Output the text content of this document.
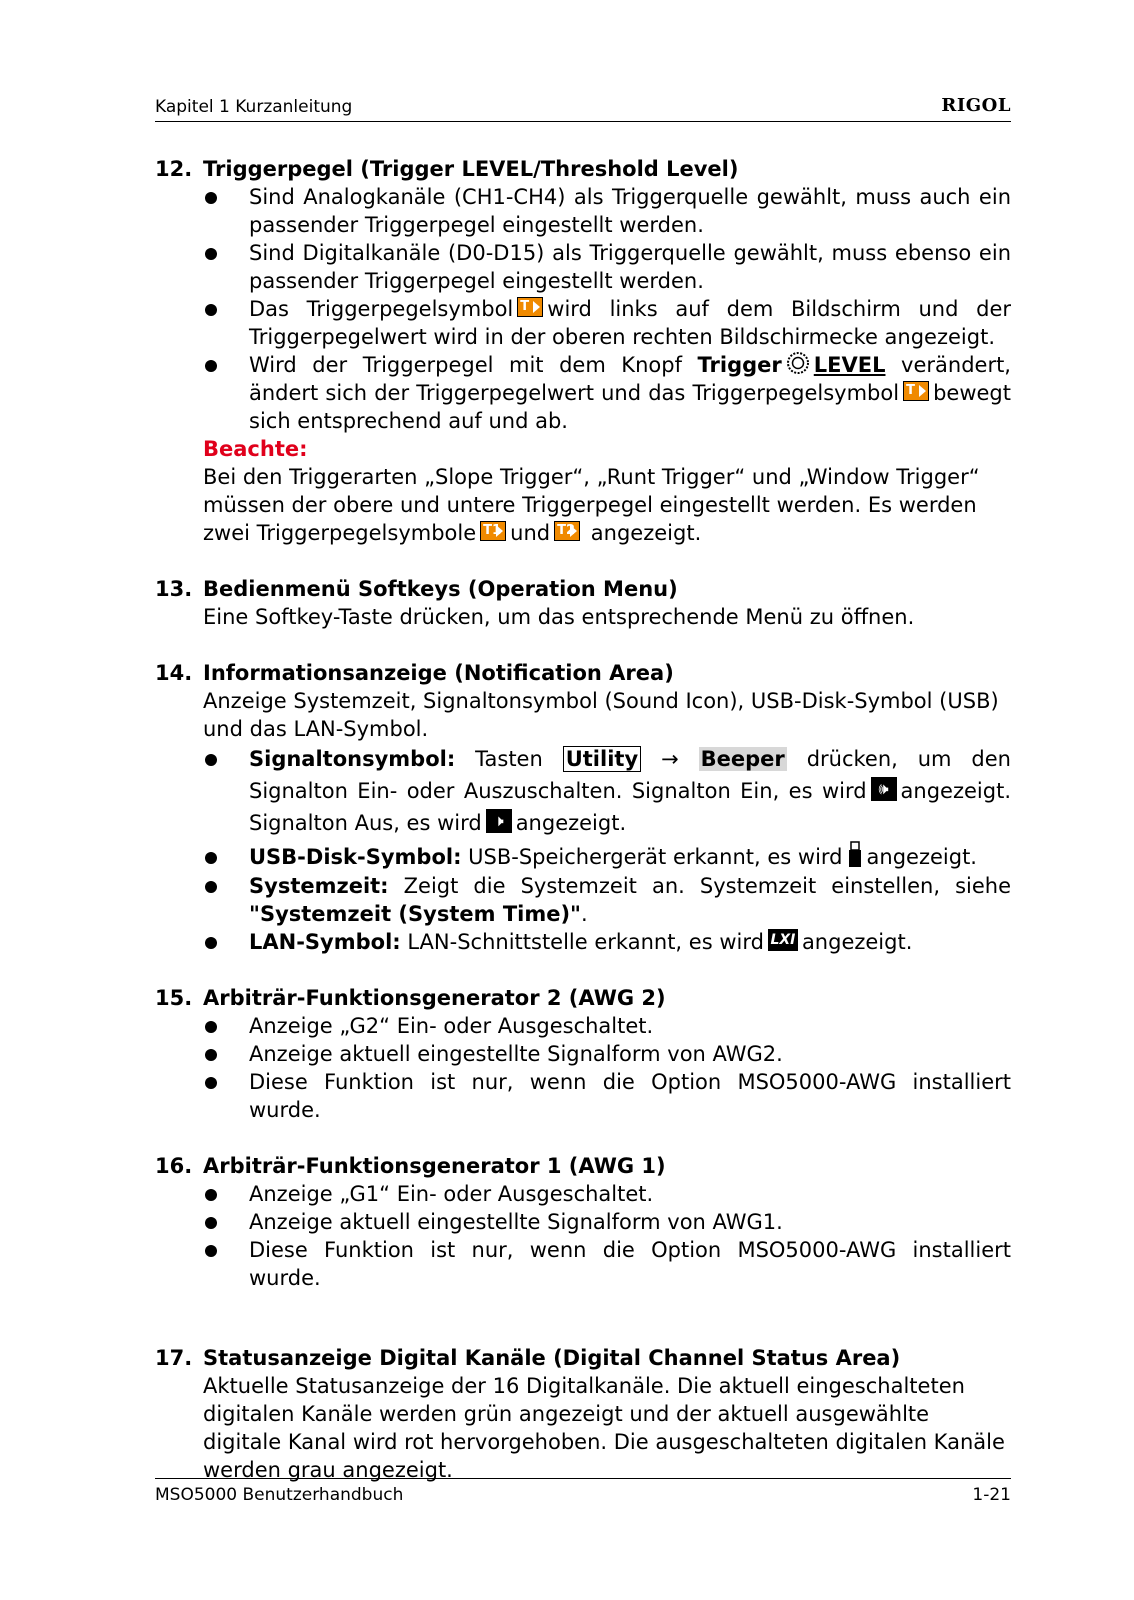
Kapitel 1 Kurzanleitung	RIGOL
12. Triggerpegel (Trigger LEVEL/Threshold Level)
Sind Analogkanäle (CH1-CH4) als Triggerquelle gewählt, muss auch ein passender Triggerpegel eingestellt werden.
Sind Digitalkanäle (D0-D15) als Triggerquelle gewählt, muss ebenso ein passender Triggerpegel eingestellt werden.
Das Triggerpegelsymbol T wird links auf dem Bildschirm und der Triggerpegelwert wird in der oberen rechten Bildschirmecke angezeigt.
Wird der Triggerpegel mit dem Knopf Trigger LEVEL verändert, ändert sich der Triggerpegelwert und das Triggerpegelsymbol T bewegt sich entsprechend auf und ab.
Beachte:
Bei den Triggerarten „Slope Trigger“, „Runt Trigger“ und „Window Trigger“ müssen der obere und untere Triggerpegel eingestellt werden. Es werden zwei Triggerpegelsymbole T1 und T2 angezeigt.
13. Bedienmenü Softkeys (Operation Menu)
Eine Softkey-Taste drücken, um das entsprechende Menü zu öffnen.
14. Informationsanzeige (Notification Area)
Anzeige Systemzeit, Signaltonsymbol (Sound Icon), USB-Disk-Symbol (USB) und das LAN-Symbol.
Signaltonsymbol: Tasten Utility → Beeper drücken, um den Signalton Ein- oder Auszuschalten. Signalton Ein, es wird 🕪 angezeigt. Signalton Aus, es wird 🕨 angezeigt.
USB-Disk-Symbol: USB-Speichergerät erkannt, es wird angezeigt.
Systemzeit: Zeigt die Systemzeit an. Systemzeit einstellen, siehe "Systemzeit (System Time)".
LAN-Symbol: LAN-Schnittstelle erkannt, es wird LXI angezeigt.
15. Arbiträr-Funktionsgenerator 2 (AWG 2)
Anzeige „G2“ Ein- oder Ausgeschaltet.
Anzeige aktuell eingestellte Signalform von AWG2.
Diese Funktion ist nur, wenn die Option MSO5000-AWG installiert wurde.
16. Arbiträr-Funktionsgenerator 1 (AWG 1)
Anzeige „G1“ Ein- oder Ausgeschaltet.
Anzeige aktuell eingestellte Signalform von AWG1.
Diese Funktion ist nur, wenn die Option MSO5000-AWG installiert wurde.
17. Statusanzeige Digital Kanäle (Digital Channel Status Area)
Aktuelle Statusanzeige der 16 Digitalkanäle. Die aktuell eingeschalteten digitalen Kanäle werden grün angezeigt und der aktuell ausgewählte digitale Kanal wird rot hervorgehoben. Die ausgeschalteten digitalen Kanäle werden grau angezeigt.
MSO5000 Benutzerhandbuch	1-21
